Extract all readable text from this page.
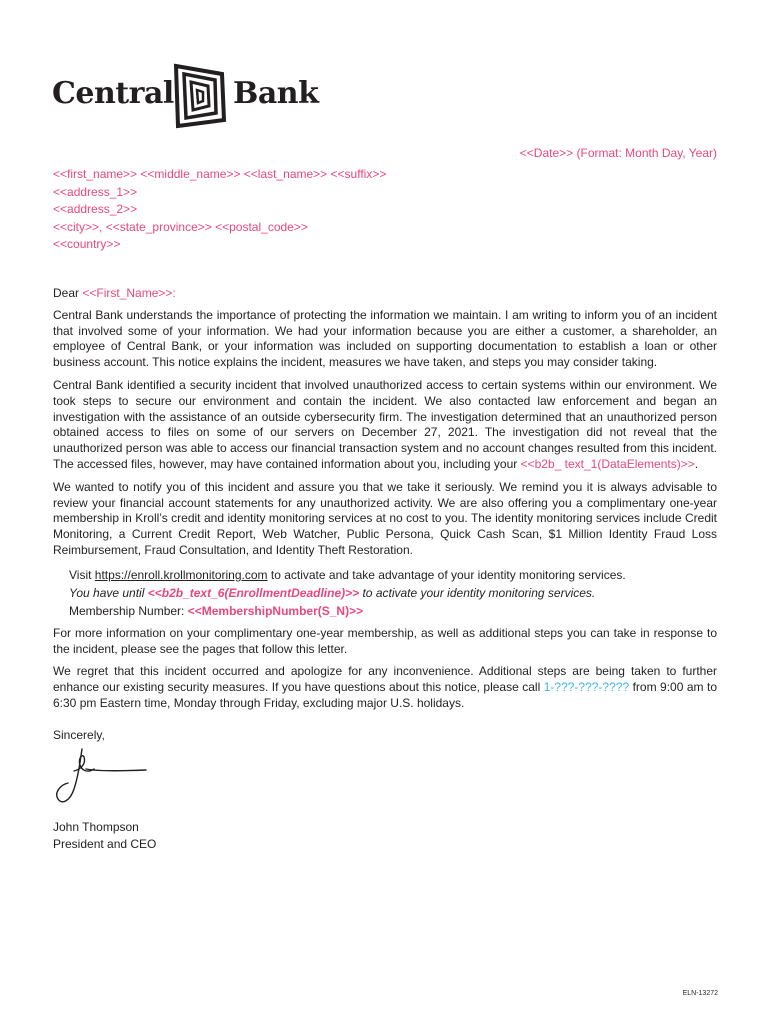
Central Bank
<<Date>> (Format: Month Day, Year)
<<first_name>> <<middle_name>> <<last_name>> <<suffix>>
<<address_1>>
<<address_2>>
<<city>>, <<state_province>> <<postal_code>>
<<country>>

Dear <<First_Name>>:

Central Bank understands the importance of protecting the information we maintain. I am writing to inform you of an incident that involved some of your information. We had your information because you are either a customer, a shareholder, an employee of Central Bank, or your information was included on supporting documentation to establish a loan or other business account. This notice explains the incident, measures we have taken, and steps you may consider taking.

Central Bank identified a security incident that involved unauthorized access to certain systems within our environment. We took steps to secure our environment and contain the incident. We also contacted law enforcement and began an investigation with the assistance of an outside cybersecurity firm. The investigation determined that an unauthorized person obtained access to files on some of our servers on December 27, 2021. The investigation did not reveal that the unauthorized person was able to access our financial transaction system and no account changes resulted from this incident. The accessed files, however, may have contained information about you, including your <<b2b_ text_1(DataElements)>>.

We wanted to notify you of this incident and assure you that we take it seriously. We remind you it is always advisable to review your financial account statements for any unauthorized activity. We are also offering you a complimentary one-year membership in Kroll’s credit and identity monitoring services at no cost to you. The identity monitoring services include Credit Monitoring, a Current Credit Report, Web Watcher, Public Persona, Quick Cash Scan, $1 Million Identity Fraud Loss Reimbursement, Fraud Consultation, and Identity Theft Restoration.

Visit https://enroll.krollmonitoring.com to activate and take advantage of your identity monitoring services.

You have until <<b2b_text_6(EnrollmentDeadline)>> to activate your identity monitoring services.

Membership Number: <<MembershipNumber(S_N)>>

For more information on your complimentary one-year membership, as well as additional steps you can take in response to the incident, please see the pages that follow this letter.

We regret that this incident occurred and apologize for any inconvenience. Additional steps are being taken to further enhance our existing security measures. If you have questions about this notice, please call 1-???-???-???? from 9:00 am to 6:30 pm Eastern time, Monday through Friday, excluding major U.S. holidays.

Sincerely,
John Thompson
President and CEO
ELN-13272
